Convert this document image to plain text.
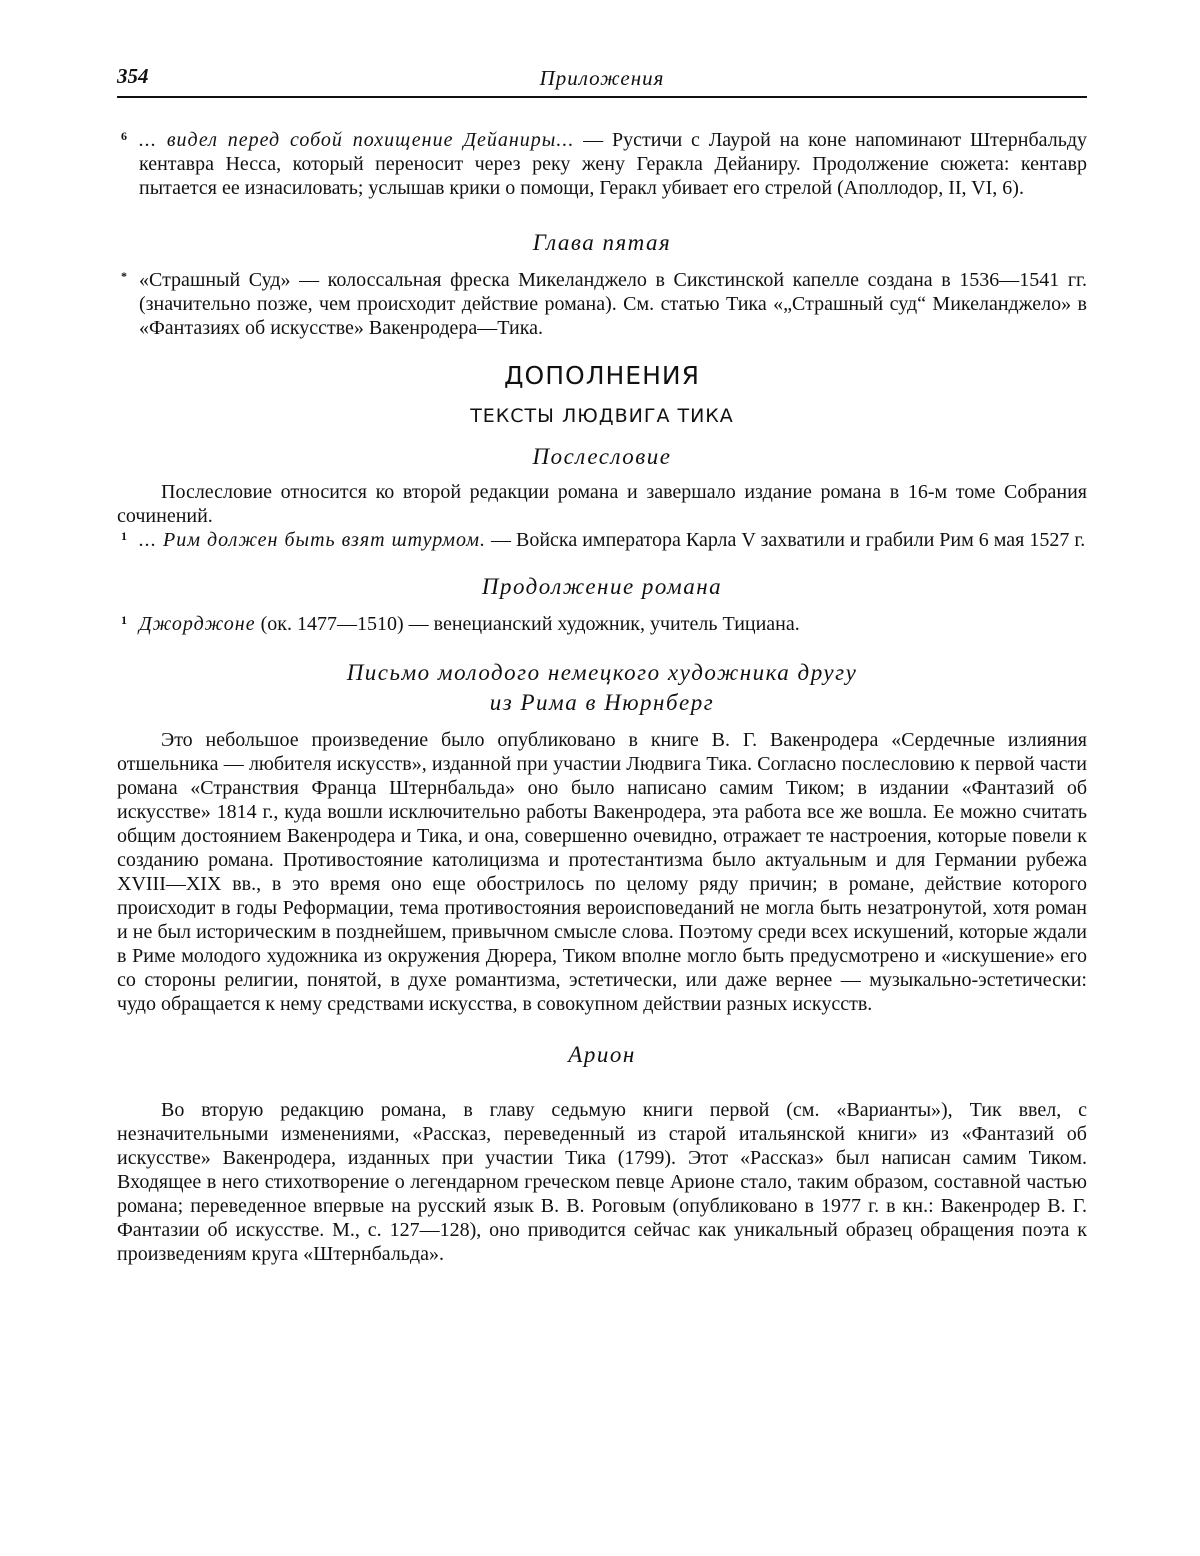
354	Приложения

6 ... видел перед собой похищение Дейаниры... — Рустичи с Лаурой на коне напоминают Штернбальду кентавра Несса, который переносит через реку жену Геракла Дейаниру. Продолжение сюжета: кентавр пытается ее изнасиловать; услышав крики о помощи, Геракл убивает его стрелой (Аполлодор, II, VI, 6).

Глава пятая

* «Страшный Суд» — колоссальная фреска Микеланджело в Сикстинской капелле создана в 1536—1541 гг. (значительно позже, чем происходит действие романа). См. статью Тика «„Страшный суд“ Микеланджело» в «Фантазиях об искусстве» Вакенродера—Тика.

ДОПОЛНЕНИЯ
ТЕКСТЫ ЛЮДВИГА ТИКА
Послесловие

Послесловие относится ко второй редакции романа и завершало издание романа в 16-м томе Собрания сочинений.

1 ... Рим должен быть взят штурмом. — Войска императора Карла V захватили и грабили Рим 6 мая 1527 г.

Продолжение романа

1 Джорджоне (ок. 1477—1510) — венецианский художник, учитель Тициана.

Письмо молодого немецкого художника другу
из Рима в Нюрнберг

Это небольшое произведение было опубликовано в книге В. Г. Вакенродера «Сердечные излияния отшельника — любителя искусств», изданной при участии Людвига Тика. Согласно послесловию к первой части романа «Странствия Франца Штернбальда» оно было написано самим Тиком; в издании «Фантазий об искусстве» 1814 г., куда вошли исключительно работы Вакенродера, эта работа все же вошла. Ее можно считать общим достоянием Вакенродера и Тика, и она, совершенно очевидно, отражает те настроения, которые повели к созданию романа. Противостояние католицизма и протестантизма было актуальным и для Германии рубежа XVIII—XIX вв., в это время оно еще обострилось по целому ряду причин; в романе, действие которого происходит в годы Реформации, тема противостояния вероисповеданий не могла быть незатронутой, хотя роман и не был историческим в позднейшем, привычном смысле слова. Поэтому среди всех искушений, которые ждали в Риме молодого художника из окружения Дюрера, Тиком вполне могло быть предусмотрено и «искушение» его со стороны религии, понятой, в духе романтизма, эстетически, или даже вернее — музыкально-эстетически: чудо обращается к нему средствами искусства, в совокупном действии разных искусств.

Арион

Во вторую редакцию романа, в главу седьмую книги первой (см. «Варианты»), Тик ввел, с незначительными изменениями, «Рассказ, переведенный из старой итальянской книги» из «Фантазий об искусстве» Вакенродера, изданных при участии Тика (1799). Этот «Рассказ» был написан самим Тиком. Входящее в него стихотворение о легендарном греческом певце Арионе стало, таким образом, составной частью романа; переведенное впервые на русский язык В. В. Роговым (опубликовано в 1977 г. в кн.: Вакенродер В. Г. Фантазии об искусстве. М., с. 127—128), оно приводится сейчас как уникальный образец обращения поэта к произведениям круга «Штернбальда».
